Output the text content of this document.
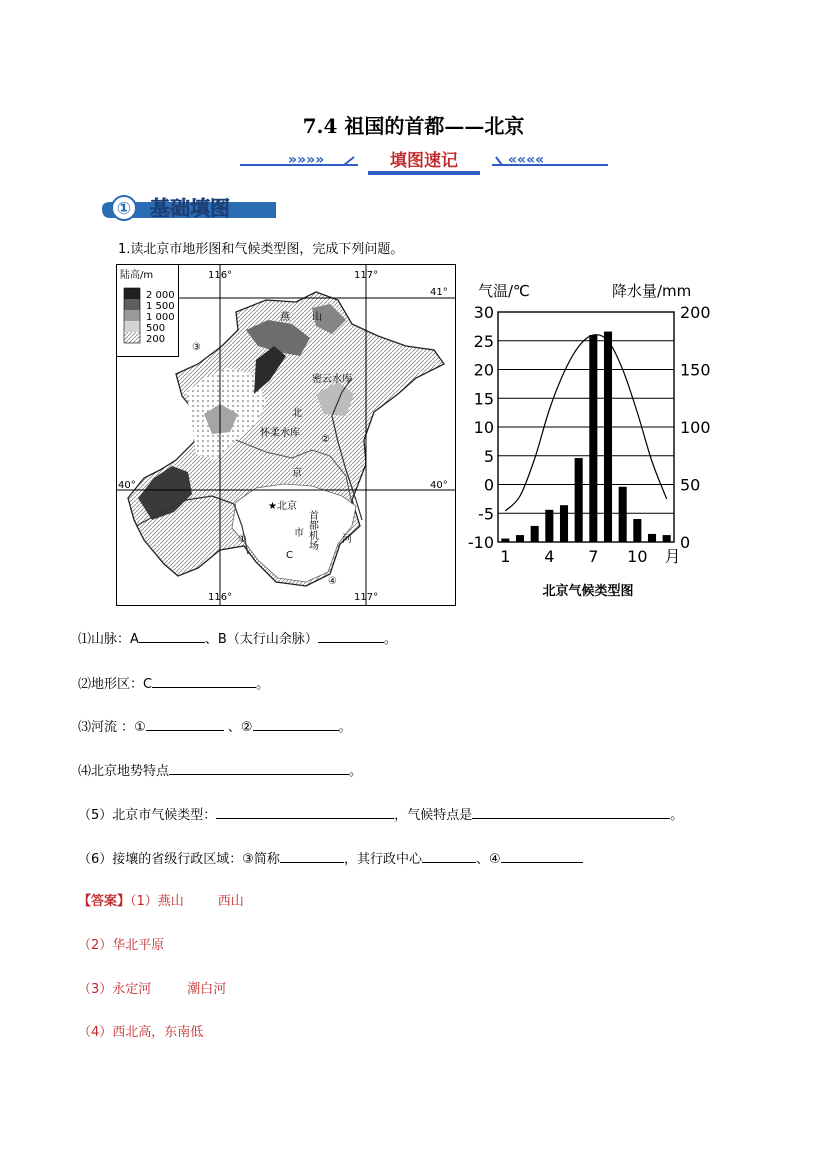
7.4 祖国的首都——北京
»»»»	填图速记	««««
① 基础填图
1.读北京市地形图和气候类型图，完成下列问题。
陆高/m
2 000
1 500
1 000
500
200
116°	117°
116°	117°
41°
40°	40°
燕 山
北
京
市
★北京
密云水库
怀柔水库
C
首都机场 河
③
②
①
④
气温/℃	降水量/mm
30
25
20
15
10
5
0
-5
-10
200
150
100
50
0
1 4 7 10 月
北京气候类型图
⑴山脉：A	、B（太行山余脉）	。
⑵地形区：C	。
⑶河流 ：①	、②	。
⑷北京地势特点	。
（5）北京市气候类型：	，气候特点是	。
（6）接壤的省级行政区域：③简称	，其行政中心	、④
【答案】（1）燕山	西山
（2）华北平原
（3）永定河	潮白河
（4）西北高，东南低
